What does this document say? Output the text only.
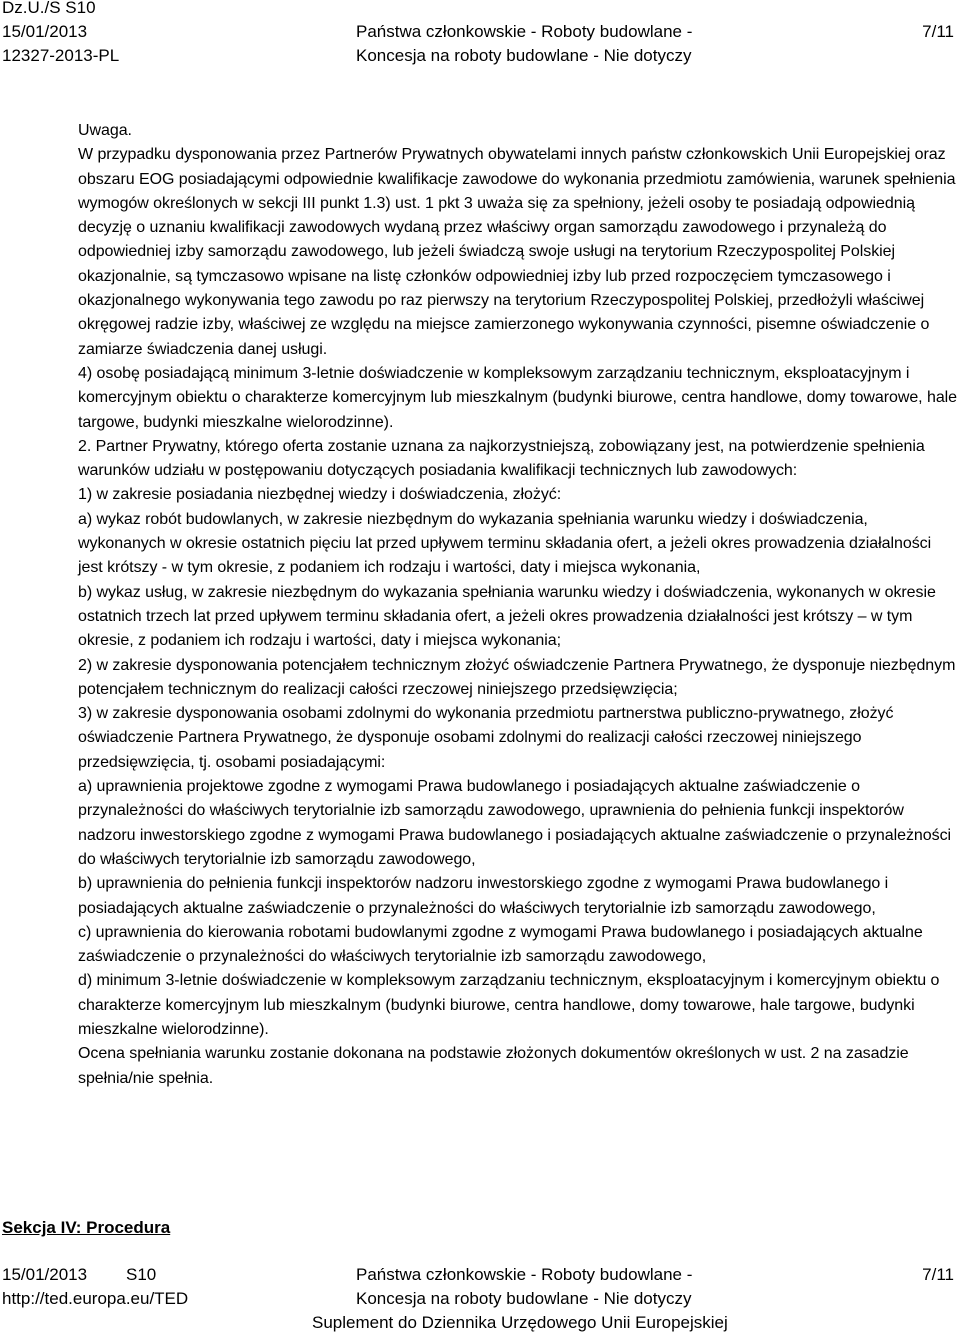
Dz.U./S S10
15/01/2013
12327-2013-PL
Państwa członkowskie - Roboty budowlane -
Koncesja na roboty budowlane - Nie dotyczy
7/11

Uwaga.

W przypadku dysponowania przez Partnerów Prywatnych obywatelami innych państw członkowskich Unii Europejskiej oraz obszaru EOG posiadającymi odpowiednie kwalifikacje zawodowe do wykonania przedmiotu zamówienia, warunek spełnienia wymogów określonych w sekcji III punkt 1.3) ust. 1 pkt 3 uważa się za spełniony, jeżeli osoby te posiadają odpowiednią decyzję o uznaniu kwalifikacji zawodowych wydaną przez właściwy organ samorządu zawodowego i przynależą do odpowiedniej izby samorządu zawodowego, lub jeżeli świadczą swoje usługi na terytorium Rzeczypospolitej Polskiej okazjonalnie, są tymczasowo wpisane na listę członków odpowiedniej izby lub przed rozpoczęciem tymczasowego i okazjonalnego wykonywania tego zawodu po raz pierwszy na terytorium Rzeczypospolitej Polskiej, przedłożyli właściwej okręgowej radzie izby, właściwej ze względu na miejsce zamierzonego wykonywania czynności, pisemne oświadczenie o zamiarze świadczenia danej usługi.

4) osobę posiadającą minimum 3-letnie doświadczenie w kompleksowym zarządzaniu technicznym, eksploatacyjnym i komercyjnym obiektu o charakterze komercyjnym lub mieszkalnym (budynki biurowe, centra handlowe, domy towarowe, hale targowe, budynki mieszkalne wielorodzinne).

2. Partner Prywatny, którego oferta zostanie uznana za najkorzystniejszą, zobowiązany jest, na potwierdzenie spełnienia warunków udziału w postępowaniu dotyczących posiadania kwalifikacji technicznych lub zawodowych:

1) w zakresie posiadania niezbędnej wiedzy i doświadczenia, złożyć:

a) wykaz robót budowlanych, w zakresie niezbędnym do wykazania spełniania warunku wiedzy i doświadczenia, wykonanych w okresie ostatnich pięciu lat przed upływem terminu składania ofert, a jeżeli okres prowadzenia działalności jest krótszy - w tym okresie, z podaniem ich rodzaju i wartości, daty i miejsca wykonania,

b) wykaz usług, w zakresie niezbędnym do wykazania spełniania warunku wiedzy i doświadczenia, wykonanych w okresie ostatnich trzech lat przed upływem terminu składania ofert, a jeżeli okres prowadzenia działalności jest krótszy – w tym okresie, z podaniem ich rodzaju i wartości, daty i miejsca wykonania;

2) w zakresie dysponowania potencjałem technicznym złożyć oświadczenie Partnera Prywatnego, że dysponuje niezbędnym potencjałem technicznym do realizacji całości rzeczowej niniejszego przedsięwzięcia;

3) w zakresie dysponowania osobami zdolnymi do wykonania przedmiotu partnerstwa publiczno-prywatnego, złożyć oświadczenie Partnera Prywatnego, że dysponuje osobami zdolnymi do realizacji całości rzeczowej niniejszego przedsięwzięcia, tj. osobami posiadającymi:

a) uprawnienia projektowe zgodne z wymogami Prawa budowlanego i posiadających aktualne zaświadczenie o przynależności do właściwych terytorialnie izb samorządu zawodowego, uprawnienia do pełnienia funkcji inspektorów nadzoru inwestorskiego zgodne z wymogami Prawa budowlanego i posiadających aktualne zaświadczenie o przynależności do właściwych terytorialnie izb samorządu zawodowego,

b) uprawnienia do pełnienia funkcji inspektorów nadzoru inwestorskiego zgodne z wymogami Prawa budowlanego i posiadających aktualne zaświadczenie o przynależności do właściwych terytorialnie izb samorządu zawodowego,

c) uprawnienia do kierowania robotami budowlanymi zgodne z wymogami Prawa budowlanego i posiadających aktualne zaświadczenie o przynależności do właściwych terytorialnie izb samorządu zawodowego,

d) minimum 3-letnie doświadczenie w kompleksowym zarządzaniu technicznym, eksploatacyjnym i komercyjnym obiektu o charakterze komercyjnym lub mieszkalnym (budynki biurowe, centra handlowe, domy towarowe, hale targowe, budynki mieszkalne wielorodzinne).

Ocena spełniania warunku zostanie dokonana na podstawie złożonych dokumentów określonych w ust. 2 na zasadzie spełnia/nie spełnia.

Sekcja IV: Procedura
15/01/2013 S10
http://ted.europa.eu/TED
Państwa członkowskie - Roboty budowlane -
Koncesja na roboty budowlane - Nie dotyczy
7/11
Suplement do Dziennika Urzędowego Unii Europejskiej
